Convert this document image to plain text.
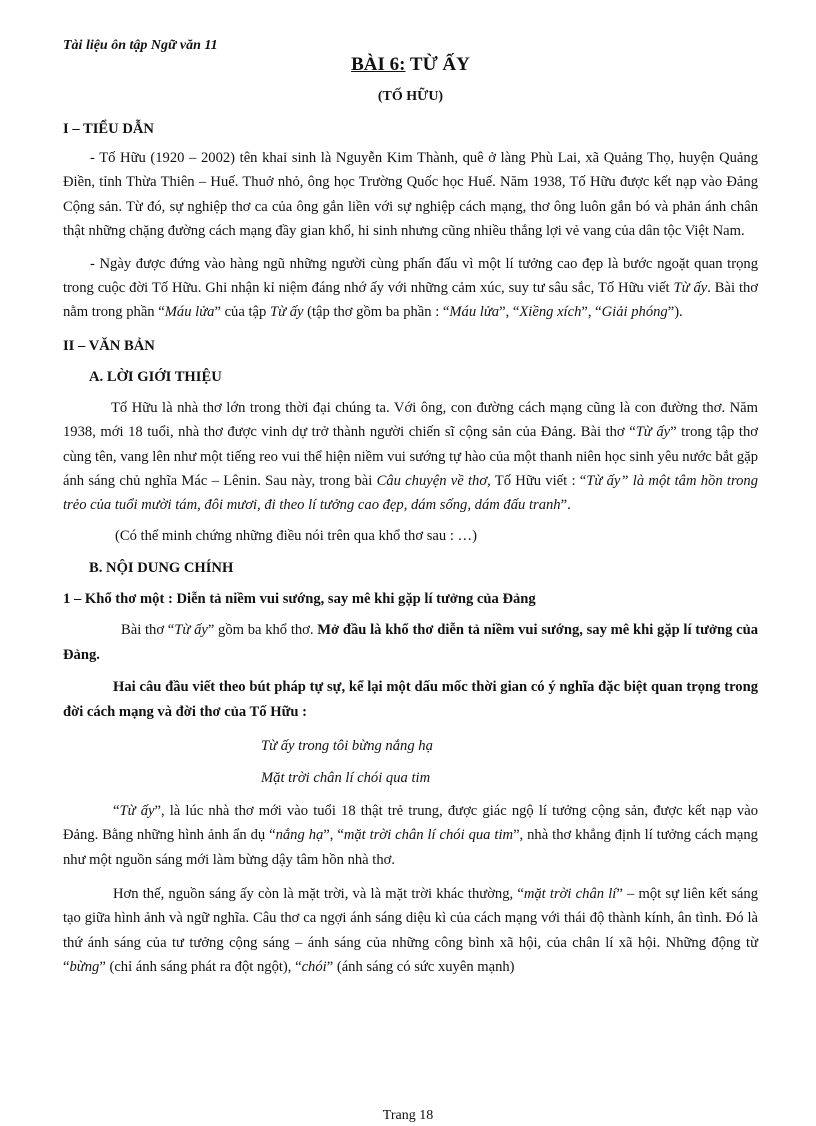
Tài liệu ôn tập Ngữ văn 11
BÀI 6: TỪ ẤY
(TỐ HỮU)
I – TIỂU DẪN

- Tố Hữu (1920 – 2002) tên khai sinh là Nguyễn Kim Thành, quê ở làng Phù Lai, xã Quảng Thọ, huyện Quảng Điền, tỉnh Thừa Thiên – Huế. Thuở nhỏ, ông học Trường Quốc học Huế. Năm 1938, Tố Hữu được kết nạp vào Đảng Cộng sản. Từ đó, sự nghiệp thơ ca của ông gắn liền với sự nghiệp cách mạng, thơ ông luôn gắn bó và phản ánh chân thật những chặng đường cách mạng đầy gian khổ, hi sinh nhưng cũng nhiều thắng lợi vẻ vang của dân tộc Việt Nam.

- Ngày được đứng vào hàng ngũ những người cùng phấn đấu vì một lí tưởng cao đẹp là bước ngoặt quan trọng trong cuộc đời Tố Hữu. Ghi nhận kỉ niệm đáng nhớ ấy với những cảm xúc, suy tư sâu sắc, Tố Hữu viết Từ ấy. Bài thơ nằm trong phần “Máu lửa” của tập Từ ấy (tập thơ gồm ba phần : “Máu lửa”, “Xiềng xích”, “Giải phóng”).

II – VĂN BẢN
A. LỜI GIỚI THIỆU

Tố Hữu là nhà thơ lớn trong thời đại chúng ta. Với ông, con đường cách mạng cũng là con đường thơ. Năm 1938, mới 18 tuổi, nhà thơ được vinh dự trở thành người chiến sĩ cộng sản của Đảng. Bài thơ “Từ ấy” trong tập thơ cùng tên, vang lên như một tiếng reo vui thể hiện niềm vui sướng tự hào của một thanh niên học sinh yêu nước bắt gặp ánh sáng chủ nghĩa Mác – Lênin. Sau này, trong bài Câu chuyện về thơ, Tố Hữu viết : “Từ ấy” là một tâm hồn trong trẻo của tuổi mười tám, đôi mươi, đi theo lí tưởng cao đẹp, dám sống, dám đấu tranh”.

(Có thể minh chứng những điều nói trên qua khổ thơ sau : …)
B. NỘI DUNG CHÍNH
1 – Khổ thơ một : Diễn tả niềm vui sướng, say mê khi gặp lí tưởng của Đảng

Bài thơ “Từ ấy” gồm ba khổ thơ. Mở đầu là khổ thơ diễn tả niềm vui sướng, say mê khi gặp lí tưởng của Đảng.

Hai câu đầu viết theo bút pháp tự sự, kể lại một dấu mốc thời gian có ý nghĩa đặc biệt quan trọng trong đời cách mạng và đời thơ của Tố Hữu :

Từ ấy trong tôi bừng nắng hạ
Mặt trời chân lí chói qua tim

“Từ ấy”, là lúc nhà thơ mới vào tuổi 18 thật trẻ trung, được giác ngộ lí tưởng cộng sản, được kết nạp vào Đảng. Bằng những hình ảnh ẩn dụ “nắng hạ”, “mặt trời chân lí chói qua tim”, nhà thơ khẳng định lí tưởng cách mạng như một nguồn sáng mới làm bừng dậy tâm hồn nhà thơ.

Hơn thế, nguồn sáng ấy còn là mặt trời, và là mặt trời khác thường, “mặt trời chân lí” – một sự liên kết sáng tạo giữa hình ảnh và ngữ nghĩa. Câu thơ ca ngợi ánh sáng diệu kì của cách mạng với thái độ thành kính, ân tình. Đó là thứ ánh sáng của tư tưởng cộng sáng – ánh sáng của những công bình xã hội, của chân lí xã hội. Những động từ “bừng” (chỉ ánh sáng phát ra đột ngột), “chói” (ánh sáng có sức xuyên mạnh)

Trang 18
